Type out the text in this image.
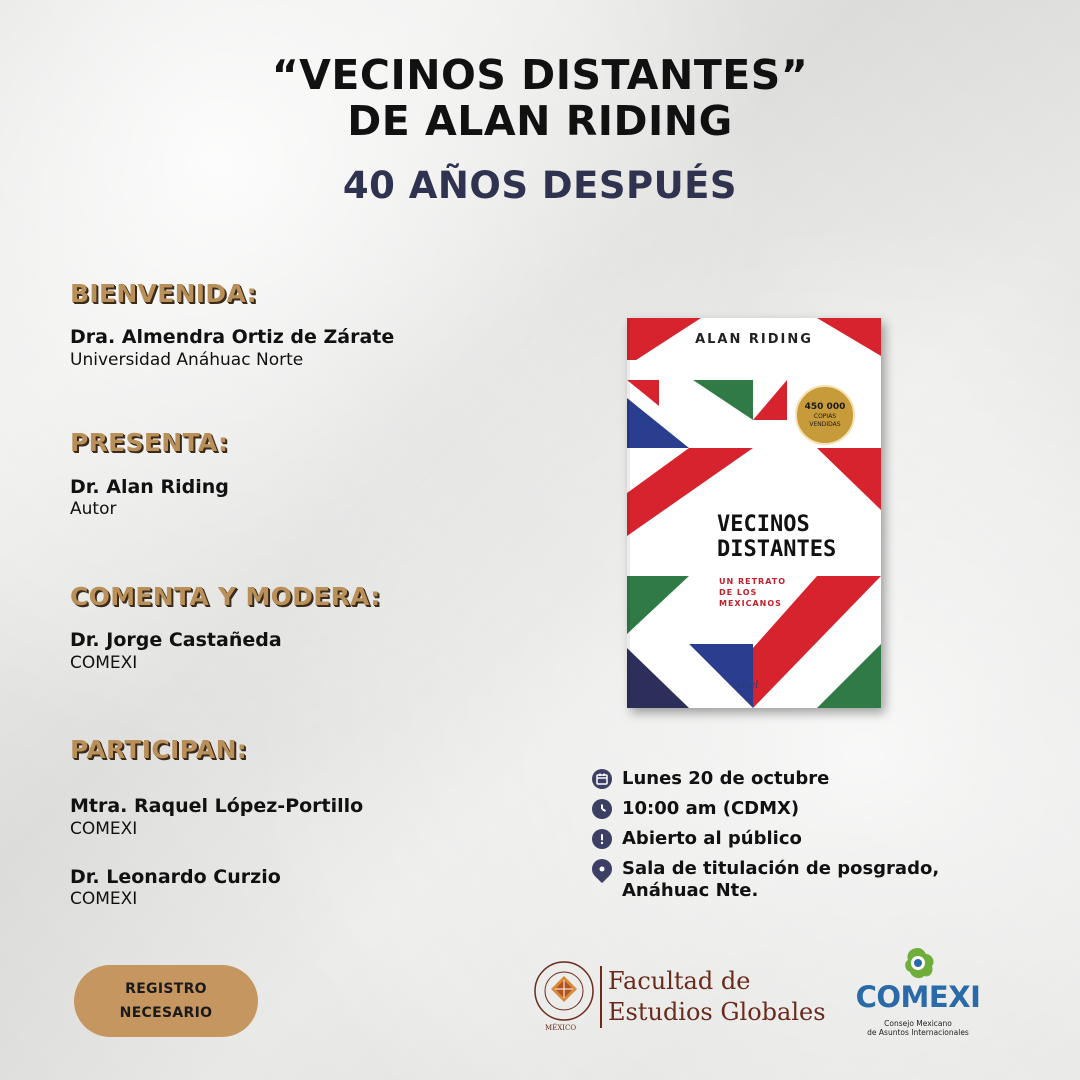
“VECINOS DISTANTES”
DE ALAN RIDING
40 AÑOS DESPUÉS
BIENVENIDA:
Dra. Almendra Ortiz de Zárate
Universidad Anáhuac Norte
PRESENTA:
Dr. Alan Riding
Autor
COMENTA Y MODERA:
Dr. Jorge Castañeda
COMEXI
PARTICIPAN:
Mtra. Raquel López-Portillo
COMEXI
Dr. Leonardo Curzio
COMEXI
ALAN RIDING
450 000
COPIAS
VENDIDAS
VECINOS
DISTANTES
UN RETRATO
DE LOS
MEXICANOS
Ariel
Lunes 20 de octubre
10:00 am (CDMX)
Abierto al público
Sala de titulación de posgrado,
Anáhuac Nte.
REGISTRO
NECESARIO
MÉXICO
Facultad de
Estudios Globales COMEXI
Consejo Mexicano
de Asuntos Internacionales
